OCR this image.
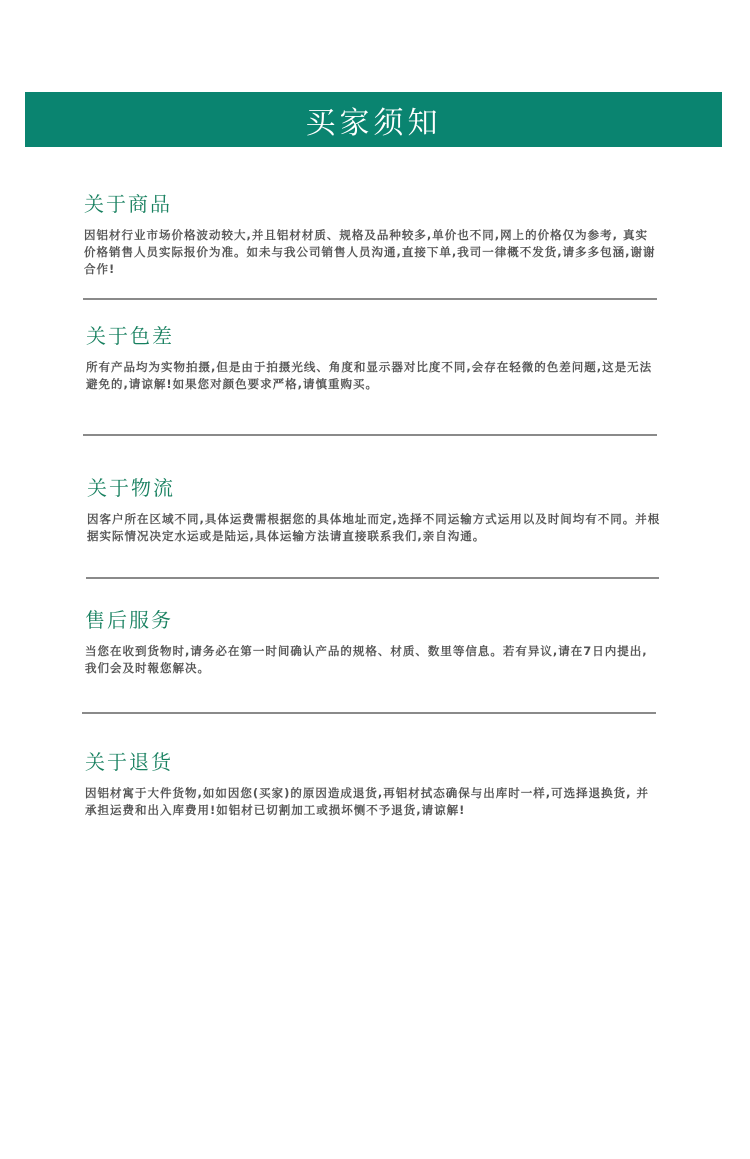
买家须知
关于商品
因铝材行业市场价格波动较大,并且铝材材质、规格及品种较多,单价也不同,网上的价格仅为参考, 真实价格销售人员实际报价为准。如未与我公司销售人员沟通,直接下单,我司一律概不发货,请多多包涵,谢谢合作!
关于色差
所有产品均为实物拍摄,但是由于拍摄光线、角度和显示器对比度不同,会存在轻微的色差问题,这是无法避免的,请谅解!如果您对颜色要求严格,请慎重购买。
关于物流
因客户所在区域不同,具体运费需根据您的具体地址而定,选择不同运输方式运用以及时间均有不同。并根据实际情况决定水运或是陆运,具体运输方法请直接联系我们,亲自沟通。
售后服务
当您在收到货物时,请务必在第一时间确认产品的规格、材质、数里等信息。若有异议,请在7日内提出, 我们会及时報您解决。
关于退货
因铝材寓于大件货物,如如因您(买家)的原因造成退货,再铝材拭态确保与出库时一样,可选择退换货, 并承担运费和出入库费用!如铝材已切割加工或损坏恻不予退货,请谅解!
